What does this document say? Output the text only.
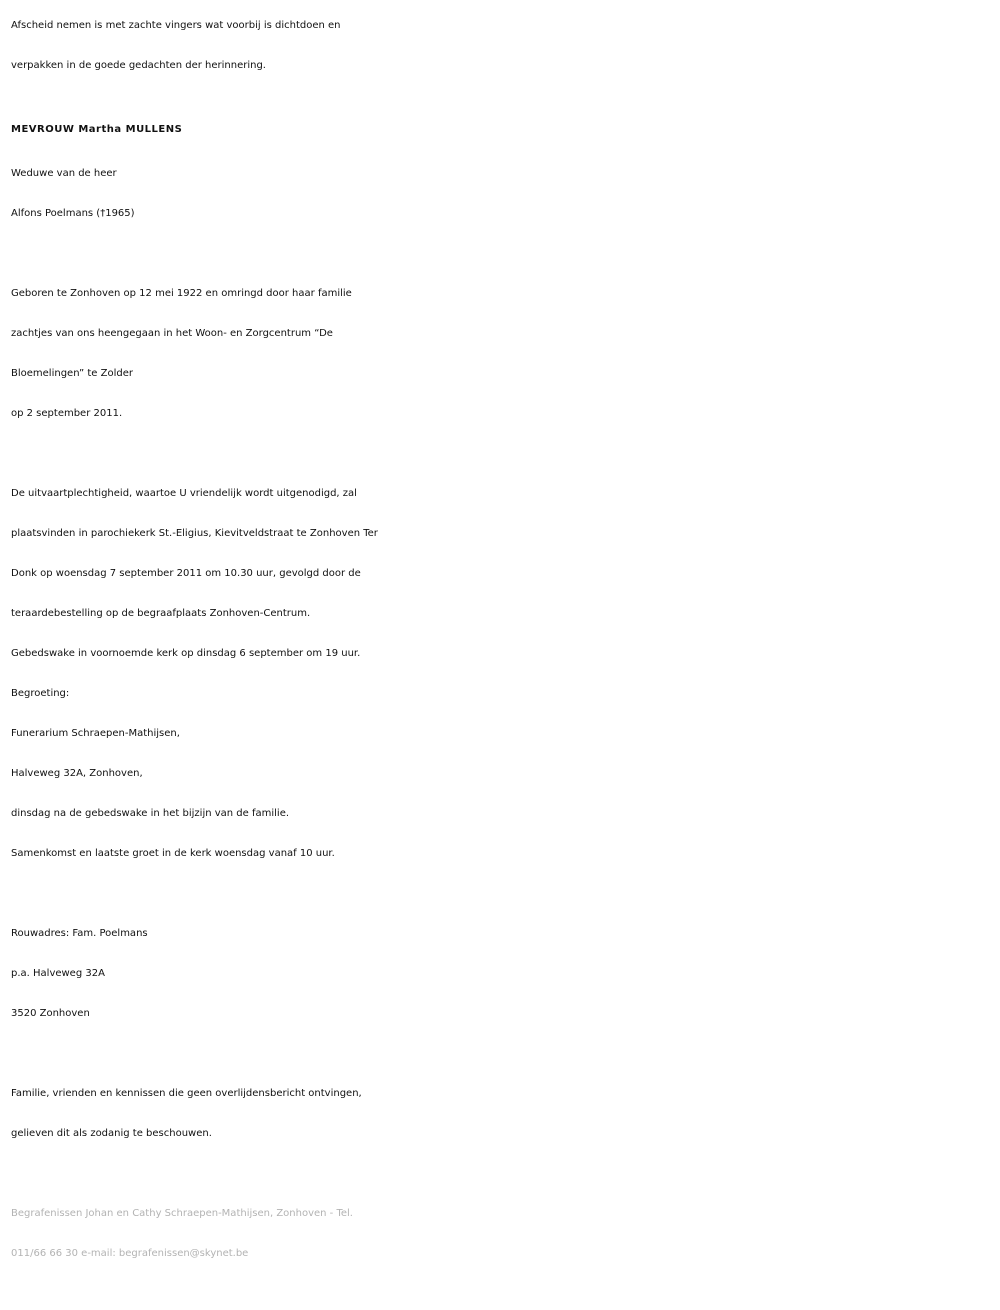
Afscheid nemen is met zachte vingers wat voorbij is dichtdoen en
verpakken in de goede gedachten der herinnering.
MEVROUW Martha MULLENS
Weduwe van de heer
Alfons Poelmans (†1965)
Geboren te Zonhoven op 12 mei 1922 en omringd door haar familie
zachtjes van ons heengegaan in het Woon- en Zorgcentrum “De
Bloemelingen” te Zolder
op 2 september 2011.
De uitvaartplechtigheid, waartoe U vriendelijk wordt uitgenodigd, zal
plaatsvinden in parochiekerk St.-Eligius, Kievitveldstraat te Zonhoven Ter
Donk op woensdag 7 september 2011 om 10.30 uur, gevolgd door de
teraardebestelling op de begraafplaats Zonhoven-Centrum.
Gebedswake in voornoemde kerk op dinsdag 6 september om 19 uur.
Begroeting:
Funerarium Schraepen-Mathijsen,
Halveweg 32A, Zonhoven,
dinsdag na de gebedswake in het bijzijn van de familie.
Samenkomst en laatste groet in de kerk woensdag vanaf 10 uur.
Rouwadres: Fam. Poelmans
p.a. Halveweg 32A
3520 Zonhoven
Familie, vrienden en kennissen die geen overlijdensbericht ontvingen,
gelieven dit als zodanig te beschouwen.
Begrafenissen Johan en Cathy Schraepen-Mathijsen, Zonhoven - Tel.
011/66 66 30 e-mail: begrafenissen@skynet.be
